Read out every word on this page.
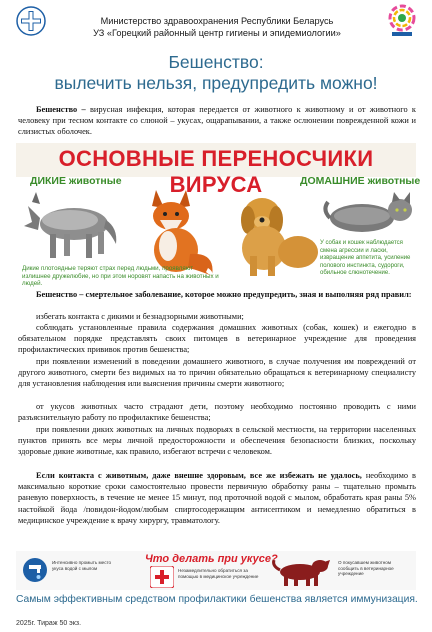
Министерство здравоохранения Республики Беларусь
УЗ «Горецкий районный центр гигиены и эпидемиологии»
Бешенство:
вылечить нельзя, предупредить можно!
Бешенство – вирусная инфекция, которая передается от животного к животному и от животного к человеку при тесном контакте со слюной – укусах, ощарапывании, а также ослюнении поврежденной кожи и слизистых оболочек.
ОСНОВНЫЕ ПЕРЕНОСЧИКИ ВИРУСА
ДИКИЕ животные	ДОМАШНИЕ животные
Дикие плотоядные теряют страх перед людьми, проявляют излишнее дружелюбие, но при этом норовят напасть на животных и людей.
У собак и кошек наблюдается смена агрессии и ласки, извращение аппетита, усиление полового инстинкта, судороги, обильное слюнотечение.
Бешенство – смертельное заболевание, которое можно предупредить, зная и выполняя ряд правил:
избегать контакта с дикими и безнадзорными животными;
соблюдать установленные правила содержания домашних животных (собак, кошек) и ежегодно в обязательном порядке представлять своих питомцев в ветеринарное учреждение для проведения профилактических прививок против бешенства;
при появлении изменений в поведении домашнего животного, в случае получения им повреждений от другого животного, смерти без видимых на то причин обязательно обращаться к ветеринарному специалисту для установления наблюдения или выяснения причины смерти животного;
от укусов животных часто страдают дети, поэтому необходимо постоянно проводить с ними разъяснительную работу по профилактике бешенства;
при появлении диких животных на личных подворьях в сельской местности, на территории населенных пунктов принять все меры личной предосторожности и обеспечения безопасности близких, поскольку здоровые дикие животные, как правило, избегают встречи с человеком.
Если контакта с животным, даже внешне здоровым, все же избежать не удалось, необходимо в максимально короткие сроки самостоятельно провести первичную обработку раны – тщательно промыть раневую поверхность, в течение не менее 15 минут, под проточной водой с мылом, обработать края раны 5% настойкой йода /повидон-йодом/любым спиртосодержащим антисептиком и немедленно обратиться в медицинское учреждение к врачу хирургу, травматологу.
Интенсивно промыть место укуса водой с мылом
Что делать при укусе?
Незамедлительно обратиться за помощью в медицинское учреждение
О покусавшем животном сообщить в ветеринарное учреждение
Самым эффективным средством профилактики бешенства является иммунизация.
2025г. Тираж 50 экз.
